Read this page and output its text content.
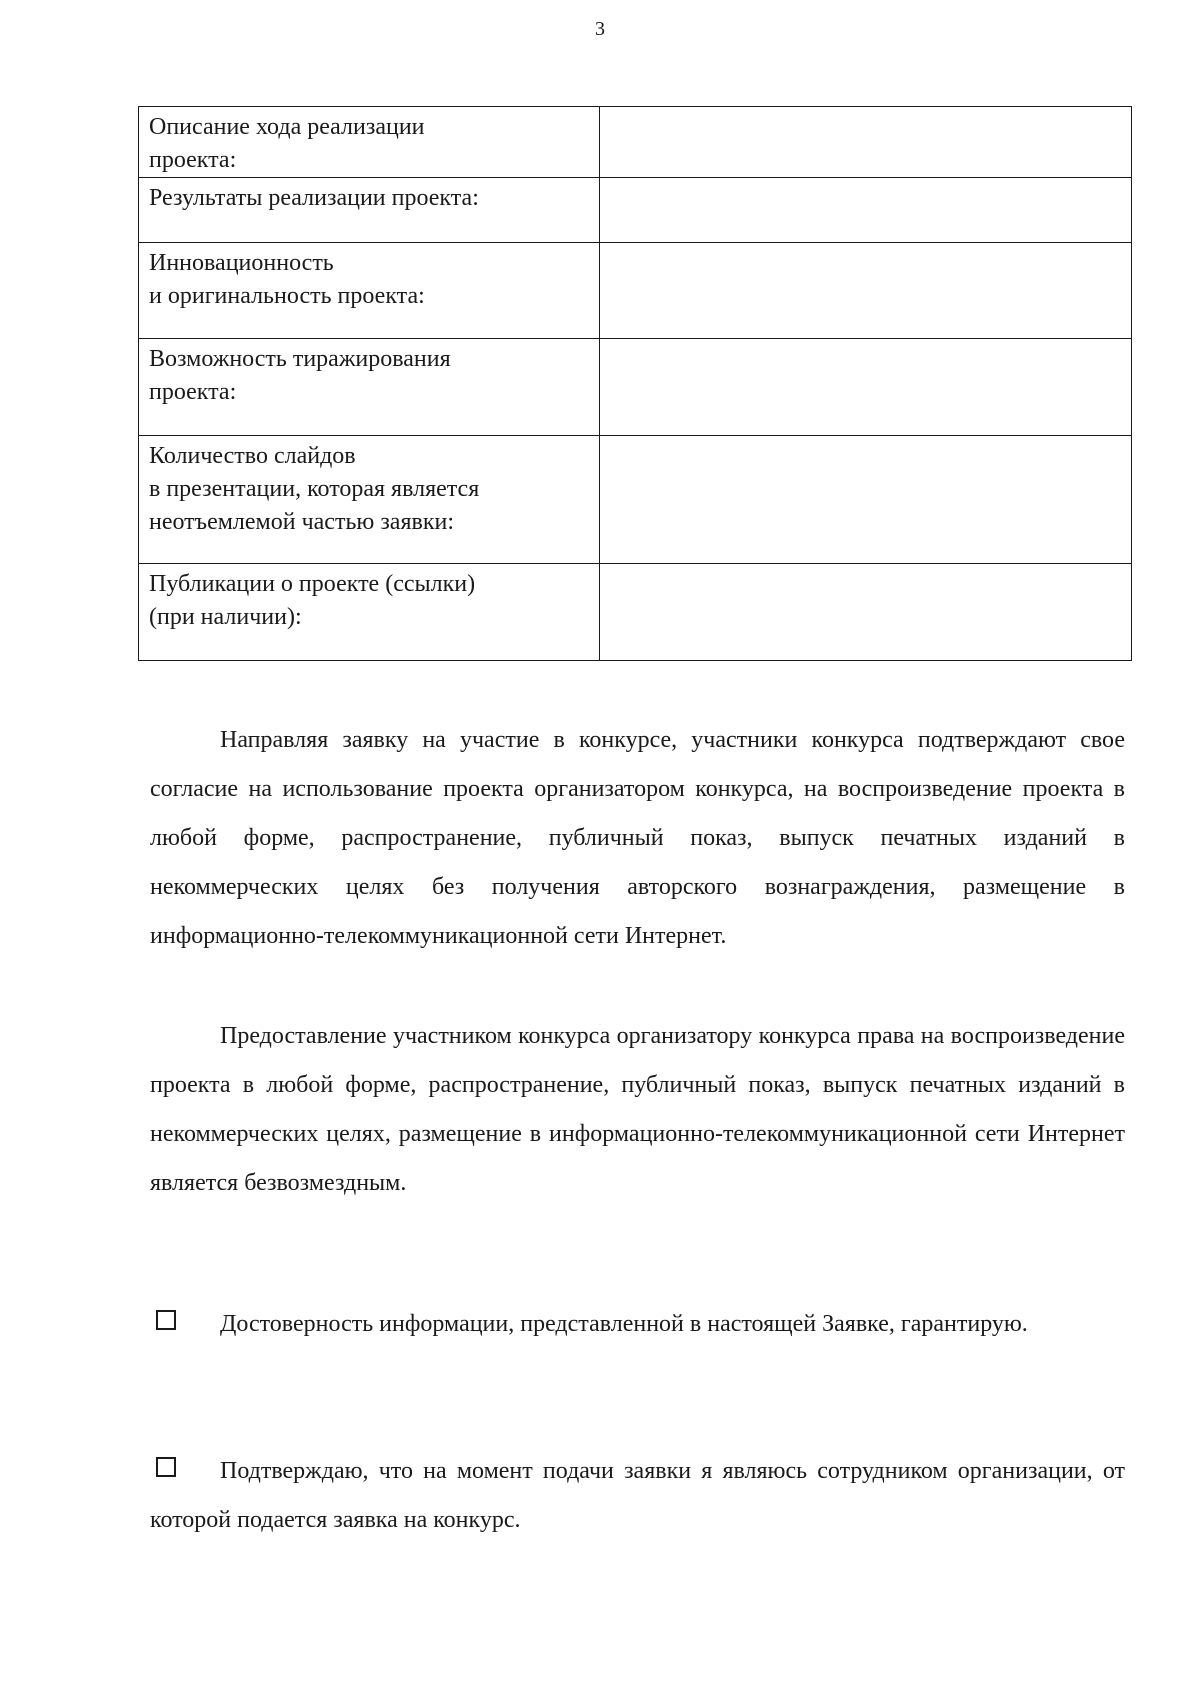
3
Описание хода реализации
проекта:	
Результаты реализации проекта:	
Инновационность
и оригинальность проекта:	
Возможность тиражирования
проекта:	
Количество слайдов
в презентации, которая является
неотъемлемой частью заявки:	
Публикации о проекте (ссылки)
(при наличии):	

Направляя заявку на участие в конкурсе, участники конкурса подтверждают свое согласие на использование проекта организатором конкурса, на воспроизведение проекта в любой форме, распространение, публичный показ, выпуск печатных изданий в некоммерческих целях без получения авторского вознаграждения, размещение в информационно-телекоммуникационной сети Интернет.

Предоставление участником конкурса организатору конкурса права на воспроизведение проекта в любой форме, распространение, публичный показ, выпуск печатных изданий в некоммерческих целях, размещение в информационно-телекоммуникационной сети Интернет является безвозмездным.

Достоверность информации, представленной в настоящей Заявке, гарантирую.

Подтверждаю, что на момент подачи заявки я являюсь сотрудником организации, от которой подается заявка на конкурс.
